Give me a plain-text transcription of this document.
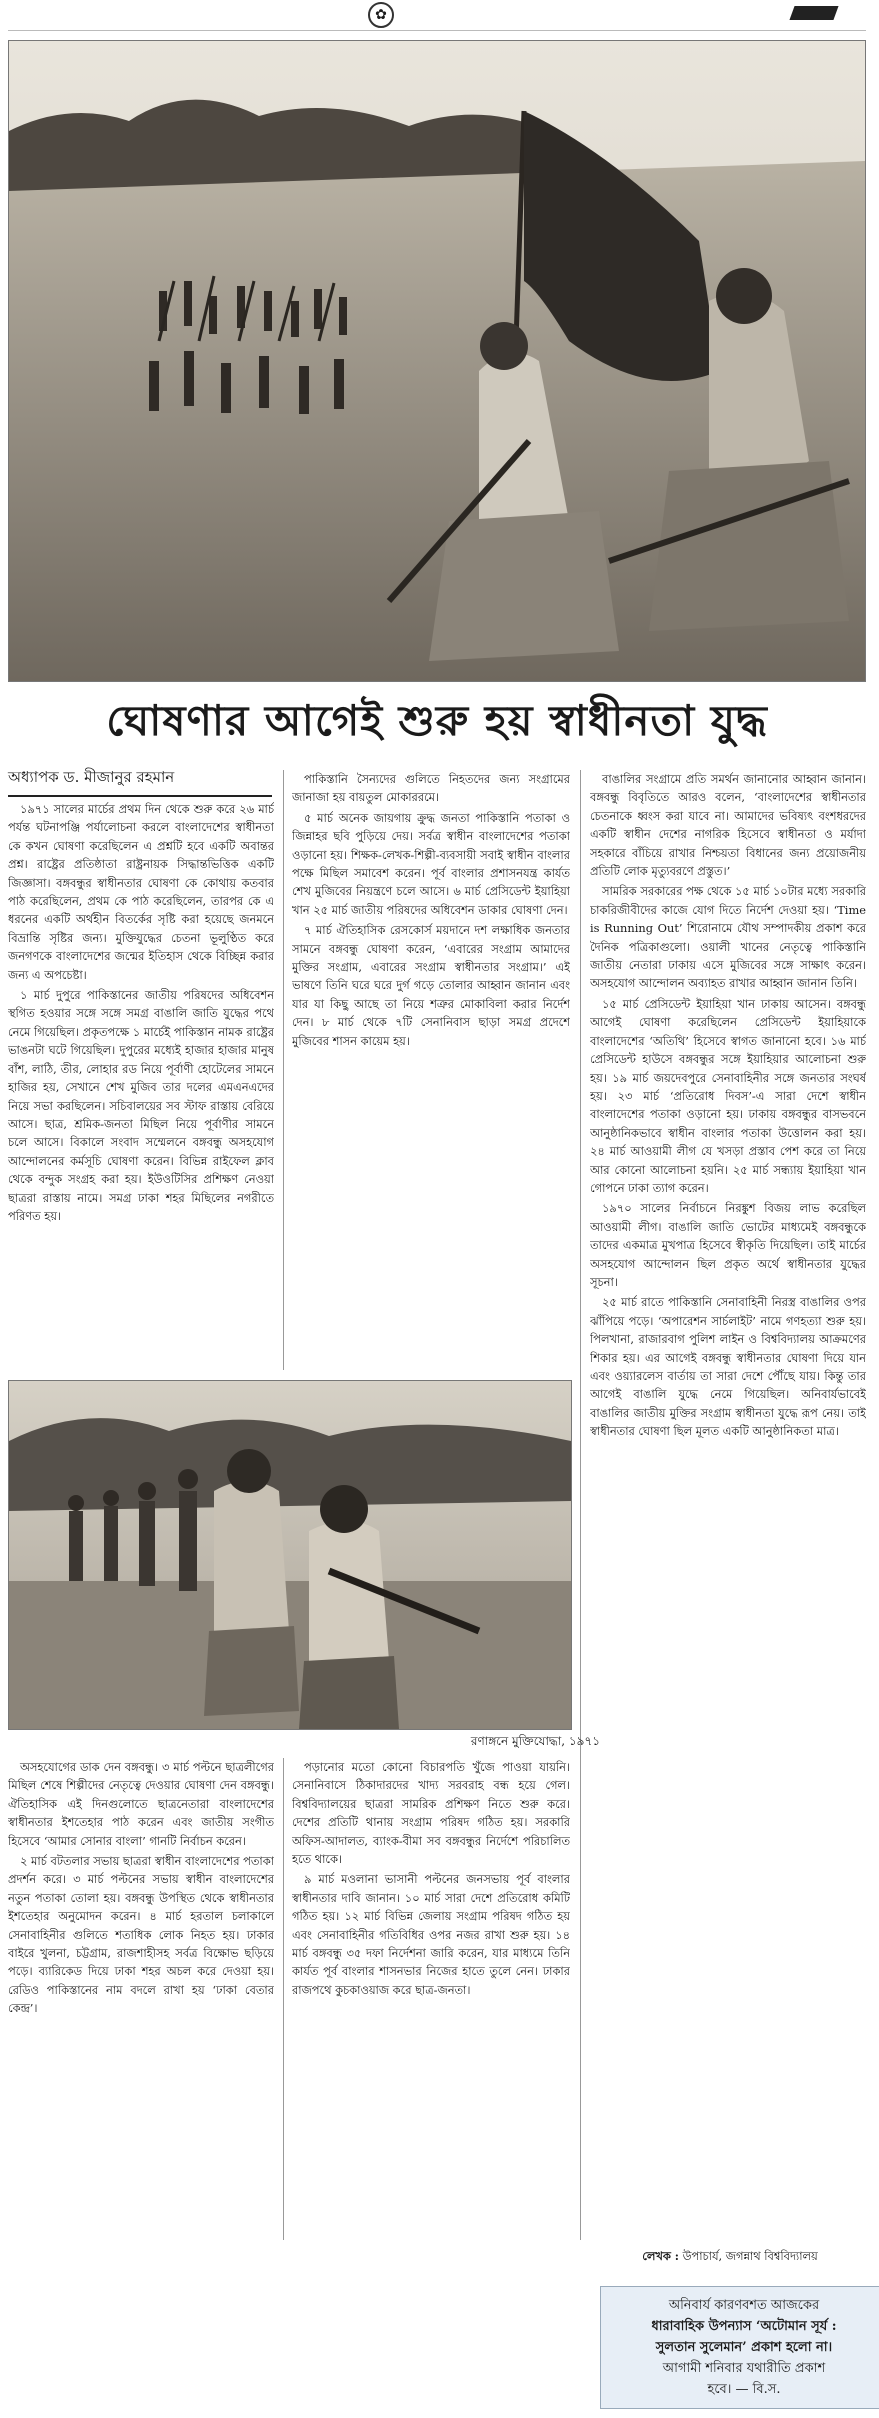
✿
ঘোষণার আগেই শুরু হয় স্বাধীনতা যুদ্ধ
অধ্যাপক ড. মীজানুর রহমান

১৯৭১ সালের মার্চের প্রথম দিন থেকে শুরু করে ২৬ মার্চ পর্যন্ত ঘটনাপঞ্জি পর্যালোচনা করলে বাংলাদেশের স্বাধীনতা কে কখন ঘোষণা করেছিলেন এ প্রশ্নটি হবে একটি অবান্তর প্রশ্ন। রাষ্ট্রের প্রতিষ্ঠাতা রাষ্ট্রনায়ক সিদ্ধান্তভিত্তিক একটি জিজ্ঞাসা। বঙ্গবন্ধুর স্বাধীনতার ঘোষণা কে কোথায় কতবার পাঠ করেছিলেন, প্রথম কে পাঠ করেছিলেন, তারপর কে এ ধরনের একটি অর্থহীন বিতর্কের সৃষ্টি করা হয়েছে জনমনে বিভ্রান্তি সৃষ্টির জন্য। মুক্তিযুদ্ধের চেতনা ভূলুণ্ঠিত করে জনগণকে বাংলাদেশের জন্মের ইতিহাস থেকে বিচ্ছিন্ন করার জন্য এ অপচেষ্টা।

১ মার্চ দুপুরে পাকিস্তানের জাতীয় পরিষদের অধিবেশন স্থগিত হওয়ার সঙ্গে সঙ্গে সমগ্র বাঙালি জাতি যুদ্ধের পথে নেমে গিয়েছিল। প্রকৃতপক্ষে ১ মার্চেই পাকিস্তান নামক রাষ্ট্রের ভাঙনটা ঘটে গিয়েছিল। দুপুরের মধ্যেই হাজার হাজার মানুষ বাঁশ, লাঠি, তীর, লোহার রড নিয়ে পূর্বাণী হোটেলের সামনে হাজির হয়, সেখানে শেখ মুজিব তার দলের এমএনএদের নিয়ে সভা করছিলেন। সচিবালয়ের সব স্টাফ রাস্তায় বেরিয়ে আসে। ছাত্র, শ্রমিক-জনতা মিছিল নিয়ে পূর্বাণীর সামনে চলে আসে। বিকালে সংবাদ সম্মেলনে বঙ্গবন্ধু অসহযোগ আন্দোলনের কর্মসূচি ঘোষণা করেন। বিভিন্ন রাইফেল ক্লাব থেকে বন্দুক সংগ্রহ করা হয়। ইউওটিসির প্রশিক্ষণ নেওয়া ছাত্ররা রাস্তায় নামে। সমগ্র ঢাকা শহর মিছিলের নগরীতে পরিণত হয়।

পাকিস্তানি সৈন্যদের গুলিতে নিহতদের জন্য সংগ্রামের জানাজা হয় বায়তুল মোকাররমে।

৫ মার্চ অনেক জায়গায় ক্রুদ্ধ জনতা পাকিস্তানি পতাকা ও জিন্নাহর ছবি পুড়িয়ে দেয়। সর্বত্র স্বাধীন বাংলাদেশের পতাকা ওড়ানো হয়। শিক্ষক-লেখক-শিল্পী-ব্যবসায়ী সবাই স্বাধীন বাংলার পক্ষে মিছিল সমাবেশ করেন। পূর্ব বাংলার প্রশাসনযন্ত্র কার্যত শেখ মুজিবের নিয়ন্ত্রণে চলে আসে। ৬ মার্চ প্রেসিডেন্ট ইয়াহিয়া খান ২৫ মার্চ জাতীয় পরিষদের অধিবেশন ডাকার ঘোষণা দেন।

৭ মার্চ ঐতিহাসিক রেসকোর্স ময়দানে দশ লক্ষাধিক জনতার সামনে বঙ্গবন্ধু ঘোষণা করেন, ‘এবারের সংগ্রাম আমাদের মুক্তির সংগ্রাম, এবারের সংগ্রাম স্বাধীনতার সংগ্রাম।’ এই ভাষণে তিনি ঘরে ঘরে দুর্গ গড়ে তোলার আহ্বান জানান এবং যার যা কিছু আছে তা নিয়ে শত্রুর মোকাবিলা করার নির্দেশ দেন। ৮ মার্চ থেকে ৭টি সেনানিবাস ছাড়া সমগ্র প্রদেশে মুজিবের শাসন কায়েম হয়।

বাঙালির সংগ্রামে প্রতি সমর্থন জানানোর আহ্বান জানান। বঙ্গবন্ধু বিবৃতিতে আরও বলেন, ‘বাংলাদেশের স্বাধীনতার চেতনাকে ধ্বংস করা যাবে না। আমাদের ভবিষ্যৎ বংশধরদের একটি স্বাধীন দেশের নাগরিক হিসেবে স্বাধীনতা ও মর্যাদা সহকারে বাঁচিয়ে রাখার নিশ্চয়তা বিধানের জন্য প্রয়োজনীয় প্রতিটি লোক মৃত্যুবরণে প্রস্তুত।’

সামরিক সরকারের পক্ষ থেকে ১৫ মার্চ ১০টার মধ্যে সরকারি চাকরিজীবীদের কাজে যোগ দিতে নির্দেশ দেওয়া হয়। ‘Time is Running Out’ শিরোনামে যৌথ সম্পাদকীয় প্রকাশ করে দৈনিক পত্রিকাগুলো। ওয়ালী খানের নেতৃত্বে পাকিস্তানি জাতীয় নেতারা ঢাকায় এসে মুজিবের সঙ্গে সাক্ষাৎ করেন। অসহযোগ আন্দোলন অব্যাহত রাখার আহ্বান জানান তিনি।

১৫ মার্চ প্রেসিডেন্ট ইয়াহিয়া খান ঢাকায় আসেন। বঙ্গবন্ধু আগেই ঘোষণা করেছিলেন প্রেসিডেন্ট ইয়াহিয়াকে বাংলাদেশের ‘অতিথি’ হিসেবে স্বাগত জানানো হবে। ১৬ মার্চ প্রেসিডেন্ট হাউসে বঙ্গবন্ধুর সঙ্গে ইয়াহিয়ার আলোচনা শুরু হয়। ১৯ মার্চ জয়দেবপুরে সেনাবাহিনীর সঙ্গে জনতার সংঘর্ষ হয়। ২৩ মার্চ ‘প্রতিরোধ দিবস’-এ সারা দেশে স্বাধীন বাংলাদেশের পতাকা ওড়ানো হয়। ঢাকায় বঙ্গবন্ধুর বাসভবনে আনুষ্ঠানিকভাবে স্বাধীন বাংলার পতাকা উত্তোলন করা হয়। ২৪ মার্চ আওয়ামী লীগ যে খসড়া প্রস্তাব পেশ করে তা নিয়ে আর কোনো আলোচনা হয়নি। ২৫ মার্চ সন্ধ্যায় ইয়াহিয়া খান গোপনে ঢাকা ত্যাগ করেন।

১৯৭০ সালের নির্বাচনে নিরঙ্কুশ বিজয় লাভ করেছিল আওয়ামী লীগ। বাঙালি জাতি ভোটের মাধ্যমেই বঙ্গবন্ধুকে তাদের একমাত্র মুখপাত্র হিসেবে স্বীকৃতি দিয়েছিল। তাই মার্চের অসহযোগ আন্দোলন ছিল প্রকৃত অর্থে স্বাধীনতার যুদ্ধের সূচনা।

২৫ মার্চ রাতে পাকিস্তানি সেনাবাহিনী নিরস্ত্র বাঙালির ওপর ঝাঁপিয়ে পড়ে। ‘অপারেশন সার্চলাইট’ নামে গণহত্যা শুরু হয়। পিলখানা, রাজারবাগ পুলিশ লাইন ও বিশ্ববিদ্যালয় আক্রমণের শিকার হয়। এর আগেই বঙ্গবন্ধু স্বাধীনতার ঘোষণা দিয়ে যান এবং ওয়্যারলেস বার্তায় তা সারা দেশে পৌঁছে যায়। কিন্তু তার আগেই বাঙালি যুদ্ধে নেমে গিয়েছিল। অনিবার্যভাবেই বাঙালির জাতীয় মুক্তির সংগ্রাম স্বাধীনতা যুদ্ধে রূপ নেয়। তাই স্বাধীনতার ঘোষণা ছিল মূলত একটি আনুষ্ঠানিকতা মাত্র।

রণাঙ্গনে মুক্তিযোদ্ধা, ১৯৭১

অসহযোগের ডাক দেন বঙ্গবন্ধু। ৩ মার্চ পল্টনে ছাত্রলীগের মিছিল শেষে শিল্পীদের নেতৃত্বে দেওয়ার ঘোষণা দেন বঙ্গবন্ধু। ঐতিহাসিক এই দিনগুলোতে ছাত্রনেতারা বাংলাদেশের স্বাধীনতার ইশতেহার পাঠ করেন এবং জাতীয় সংগীত হিসেবে ‘আমার সোনার বাংলা’ গানটি নির্বাচন করেন।

২ মার্চ বটতলার সভায় ছাত্ররা স্বাধীন বাংলাদেশের পতাকা প্রদর্শন করে। ৩ মার্চ পল্টনের সভায় স্বাধীন বাংলাদেশের নতুন পতাকা তোলা হয়। বঙ্গবন্ধু উপস্থিত থেকে স্বাধীনতার ইশতেহার অনুমোদন করেন। ৪ মার্চ হরতাল চলাকালে সেনাবাহিনীর গুলিতে শতাধিক লোক নিহত হয়। ঢাকার বাইরে খুলনা, চট্টগ্রাম, রাজশাহীসহ সর্বত্র বিক্ষোভ ছড়িয়ে পড়ে। ব্যারিকেড দিয়ে ঢাকা শহর অচল করে দেওয়া হয়। রেডিও পাকিস্তানের নাম বদলে রাখা হয় ‘ঢাকা বেতার কেন্দ্র’।

পড়ানোর মতো কোনো বিচারপতি খুঁজে পাওয়া যায়নি। সেনানিবাসে ঠিকাদারদের খাদ্য সরবরাহ বন্ধ হয়ে গেল। বিশ্ববিদ্যালয়ের ছাত্ররা সামরিক প্রশিক্ষণ নিতে শুরু করে। দেশের প্রতিটি থানায় সংগ্রাম পরিষদ গঠিত হয়। সরকারি অফিস-আদালত, ব্যাংক-বীমা সব বঙ্গবন্ধুর নির্দেশে পরিচালিত হতে থাকে।

৯ মার্চ মওলানা ভাসানী পল্টনের জনসভায় পূর্ব বাংলার স্বাধীনতার দাবি জানান। ১০ মার্চ সারা দেশে প্রতিরোধ কমিটি গঠিত হয়। ১২ মার্চ বিভিন্ন জেলায় সংগ্রাম পরিষদ গঠিত হয় এবং সেনাবাহিনীর গতিবিধির ওপর নজর রাখা শুরু হয়। ১৪ মার্চ বঙ্গবন্ধু ৩৫ দফা নির্দেশনা জারি করেন, যার মাধ্যমে তিনি কার্যত পূর্ব বাংলার শাসনভার নিজের হাতে তুলে নেন। ঢাকার রাজপথে কুচকাওয়াজ করে ছাত্র-জনতা।

লেখক : উপাচার্য, জগন্নাথ বিশ্ববিদ্যালয়
অনিবার্য কারণবশত আজকের
ধারাবাহিক উপন্যাস ‘অটোমান সূর্য :
সুলতান সুলেমান’ প্রকাশ হলো না।
আগামী শনিবার যথারীতি প্রকাশ
হবে। — বি.স.
